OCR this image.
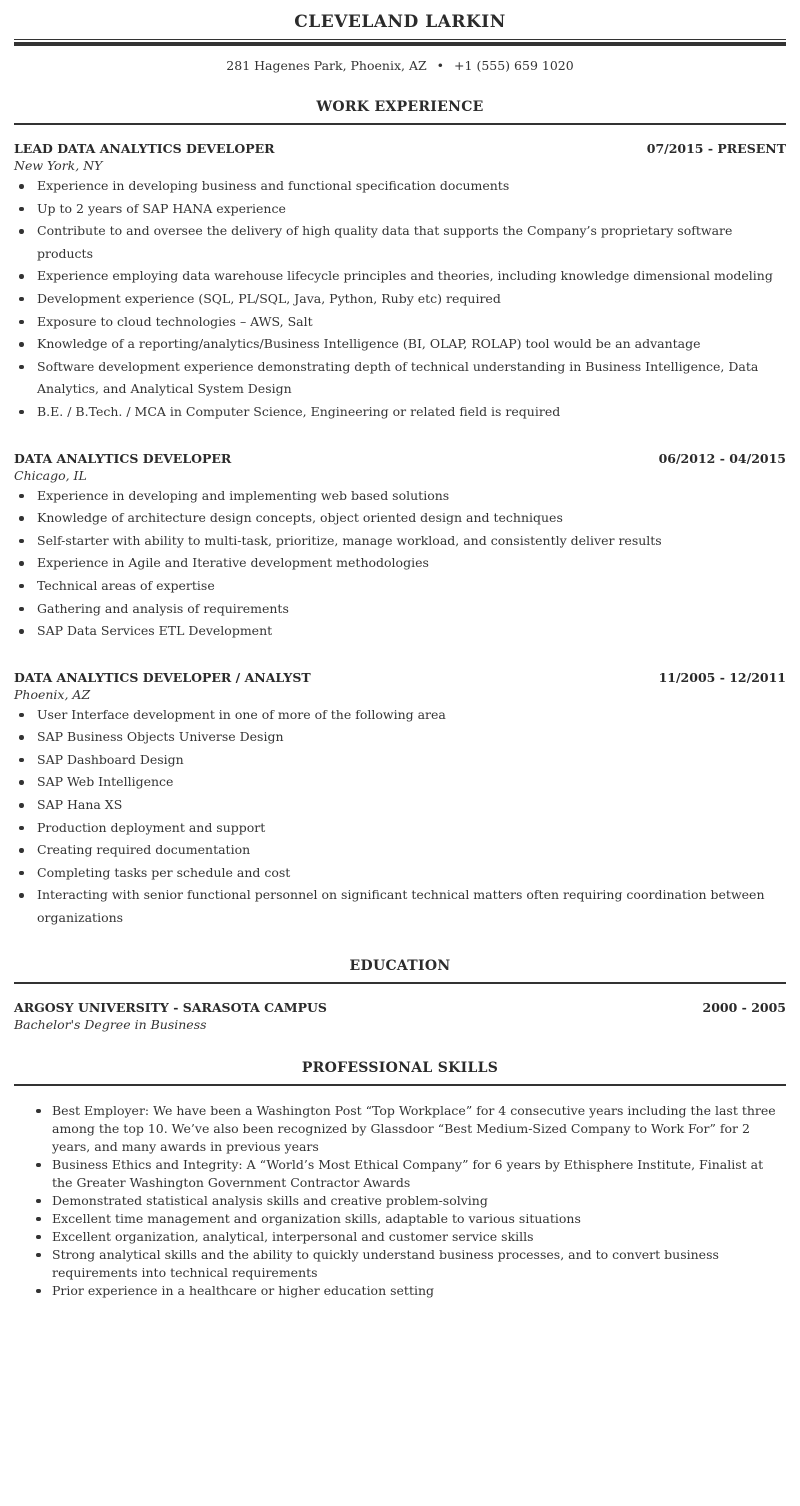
CLEVELAND LARKIN
281 Hagenes Park, Phoenix, AZ • +1 (555) 659 1020
WORK EXPERIENCE
LEAD DATA ANALYTICS DEVELOPER	07/2015 - PRESENT
New York, NY
Experience in developing business and functional specification documents
Up to 2 years of SAP HANA experience
Contribute to and oversee the delivery of high quality data that supports the Company’s proprietary software products
Experience employing data warehouse lifecycle principles and theories, including knowledge dimensional modeling
Development experience (SQL, PL/SQL, Java, Python, Ruby etc) required
Exposure to cloud technologies – AWS, Salt
Knowledge of a reporting/analytics/Business Intelligence (BI, OLAP, ROLAP) tool would be an advantage
Software development experience demonstrating depth of technical understanding in Business Intelligence, Data Analytics, and Analytical System Design
B.E. / B.Tech. / MCA in Computer Science, Engineering or related field is required
DATA ANALYTICS DEVELOPER	06/2012 - 04/2015
Chicago, IL
Experience in developing and implementing web based solutions
Knowledge of architecture design concepts, object oriented design and techniques
Self-starter with ability to multi-task, prioritize, manage workload, and consistently deliver results
Experience in Agile and Iterative development methodologies
Technical areas of expertise
Gathering and analysis of requirements
SAP Data Services ETL Development
DATA ANALYTICS DEVELOPER / ANALYST	11/2005 - 12/2011
Phoenix, AZ
User Interface development in one of more of the following area
SAP Business Objects Universe Design
SAP Dashboard Design
SAP Web Intelligence
SAP Hana XS
Production deployment and support
Creating required documentation
Completing tasks per schedule and cost
Interacting with senior functional personnel on significant technical matters often requiring coordination between organizations
EDUCATION
ARGOSY UNIVERSITY - SARASOTA CAMPUS	2000 - 2005
Bachelor's Degree in Business
PROFESSIONAL SKILLS
Best Employer: We have been a Washington Post “Top Workplace” for 4 consecutive years including the last three among the top 10. We’ve also been recognized by Glassdoor “Best Medium-Sized Company to Work For” for 2 years, and many awards in previous years
Business Ethics and Integrity: A “World’s Most Ethical Company” for 6 years by Ethisphere Institute, Finalist at the Greater Washington Government Contractor Awards
Demonstrated statistical analysis skills and creative problem-solving
Excellent time management and organization skills, adaptable to various situations
Excellent organization, analytical, interpersonal and customer service skills
Strong analytical skills and the ability to quickly understand business processes, and to convert business requirements into technical requirements
Prior experience in a healthcare or higher education setting
